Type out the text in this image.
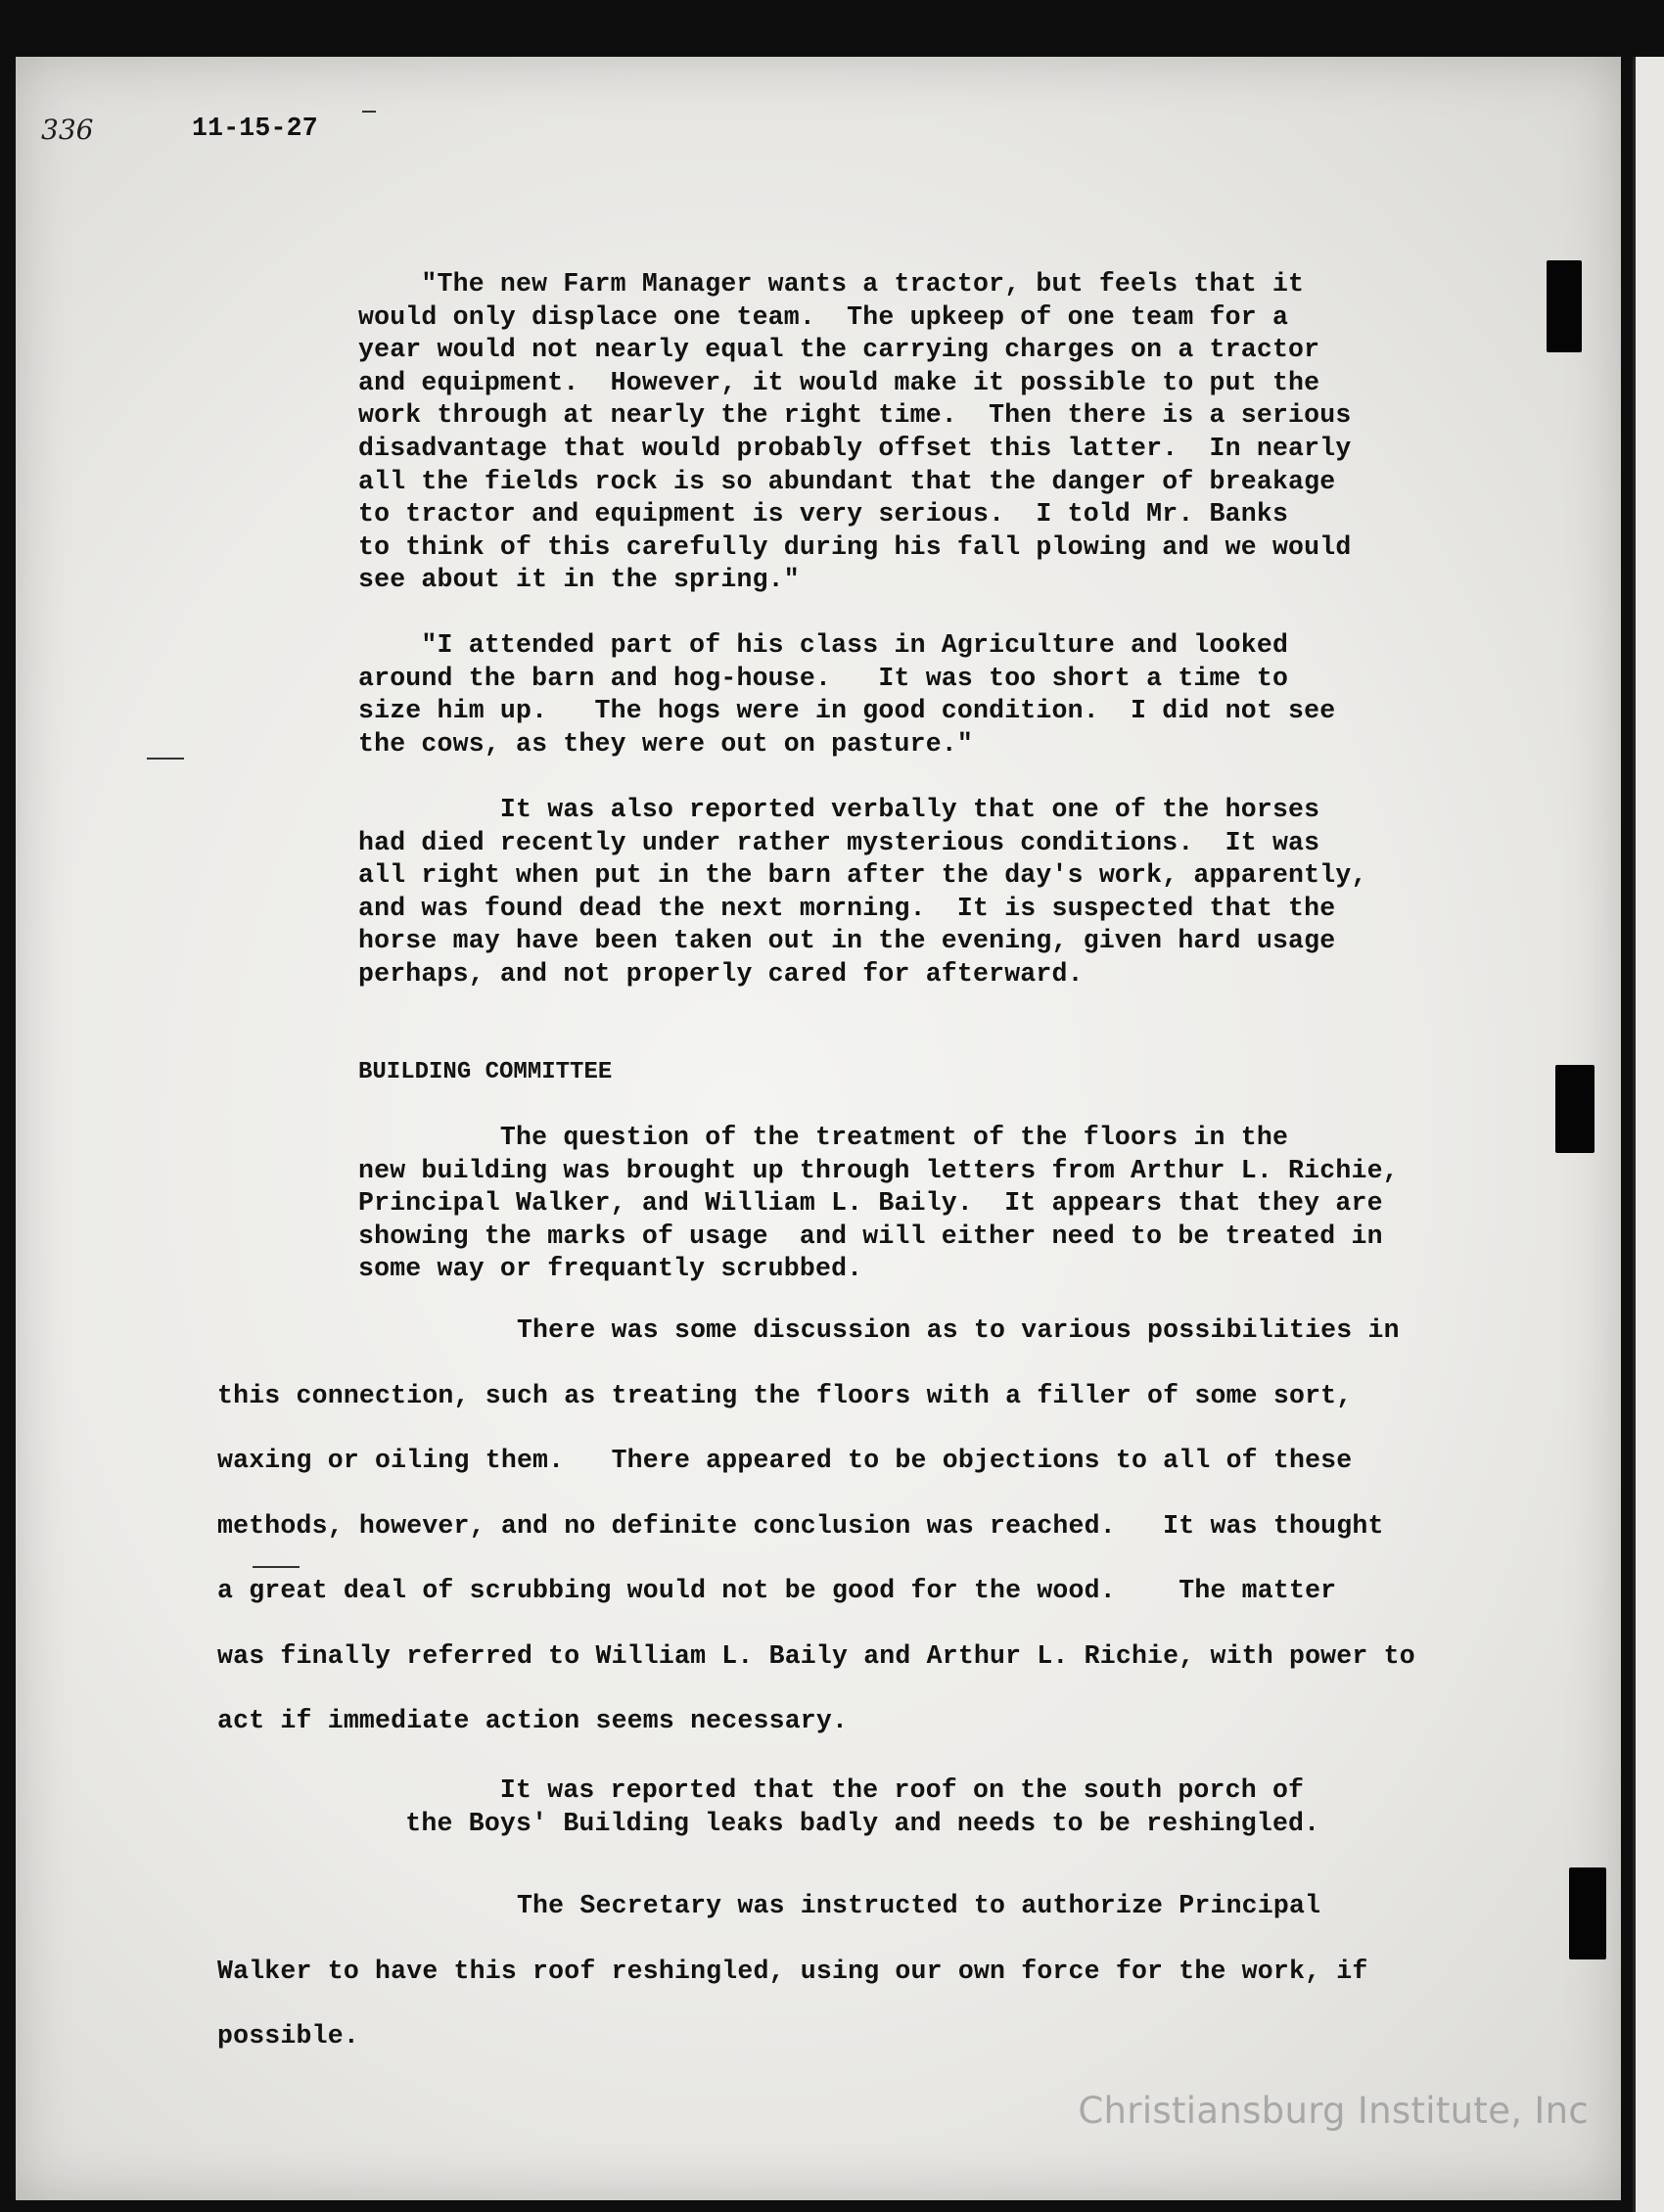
336	11-15-27
"The new Farm Manager wants a tractor, but feels that it
would only displace one team.  The upkeep of one team for a
year would not nearly equal the carrying charges on a tractor
and equipment.  However, it would make it possible to put the
work through at nearly the right time.  Then there is a serious
disadvantage that would probably offset this latter.  In nearly
all the fields rock is so abundant that the danger of breakage
to tractor and equipment is very serious.  I told Mr. Banks
to think of this carefully during his fall plowing and we would
see about it in the spring."
"I attended part of his class in Agriculture and looked
around the barn and hog-house.   It was too short a time to
size him up.   The hogs were in good condition.  I did not see
the cows, as they were out on pasture."
It was also reported verbally that one of the horses
had died recently under rather mysterious conditions.  It was
all right when put in the barn after the day's work, apparently,
and was found dead the next morning.  It is suspected that the
horse may have been taken out in the evening, given hard usage
perhaps, and not properly cared for afterward.
BUILDING COMMITTEE
The question of the treatment of the floors in the
new building was brought up through letters from Arthur L. Richie,
Principal Walker, and William L. Baily.  It appears that they are
showing the marks of usage  and will either need to be treated in
some way or frequantly scrubbed.
There was some discussion as to various possibilities in
this connection, such as treating the floors with a filler of some sort,
waxing or oiling them.   There appeared to be objections to all of these
methods, however, and no definite conclusion was reached.   It was thought
a great deal of scrubbing would not be good for the wood.    The matter
was finally referred to William L. Baily and Arthur L. Richie, with power to
act if immediate action seems necessary.
It was reported that the roof on the south porch of
the Boys' Building leaks badly and needs to be reshingled.
The Secretary was instructed to authorize Principal
Walker to have this roof reshingled, using our own force for the work, if
possible.
Christiansburg Institute, Inc
